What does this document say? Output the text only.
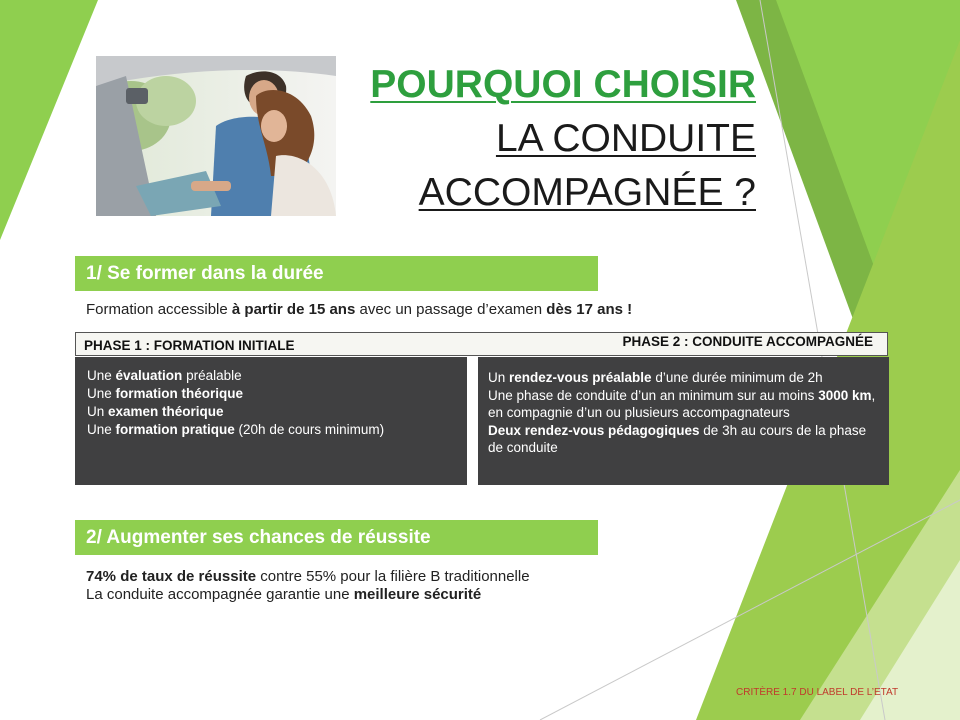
POURQUOI CHOISIR
LA CONDUITE
ACCOMPAGNÉE ?
1/ Se former dans la durée
Formation accessible à partir de 15 ans avec un passage d’examen dès 17 ans !
PHASE 1 : FORMATION INITIALE	PHASE 2 : CONDUITE ACCOMPAGNÉE
Une évaluation préalable
Une formation théorique
Un examen théorique
Une formation pratique (20h de cours minimum)
Un rendez-vous préalable d’une durée minimum de 2h
Une phase de conduite d’un an minimum sur au moins 3000 km, en compagnie d’un ou plusieurs accompagnateurs
Deux rendez-vous pédagogiques de 3h au cours de la phase de conduite
2/ Augmenter ses chances de réussite
74% de taux de réussite contre 55% pour la filière B traditionnelle
La conduite accompagnée garantie une meilleure sécurité
CRITÈRE 1.7 DU LABEL DE L’ETAT
